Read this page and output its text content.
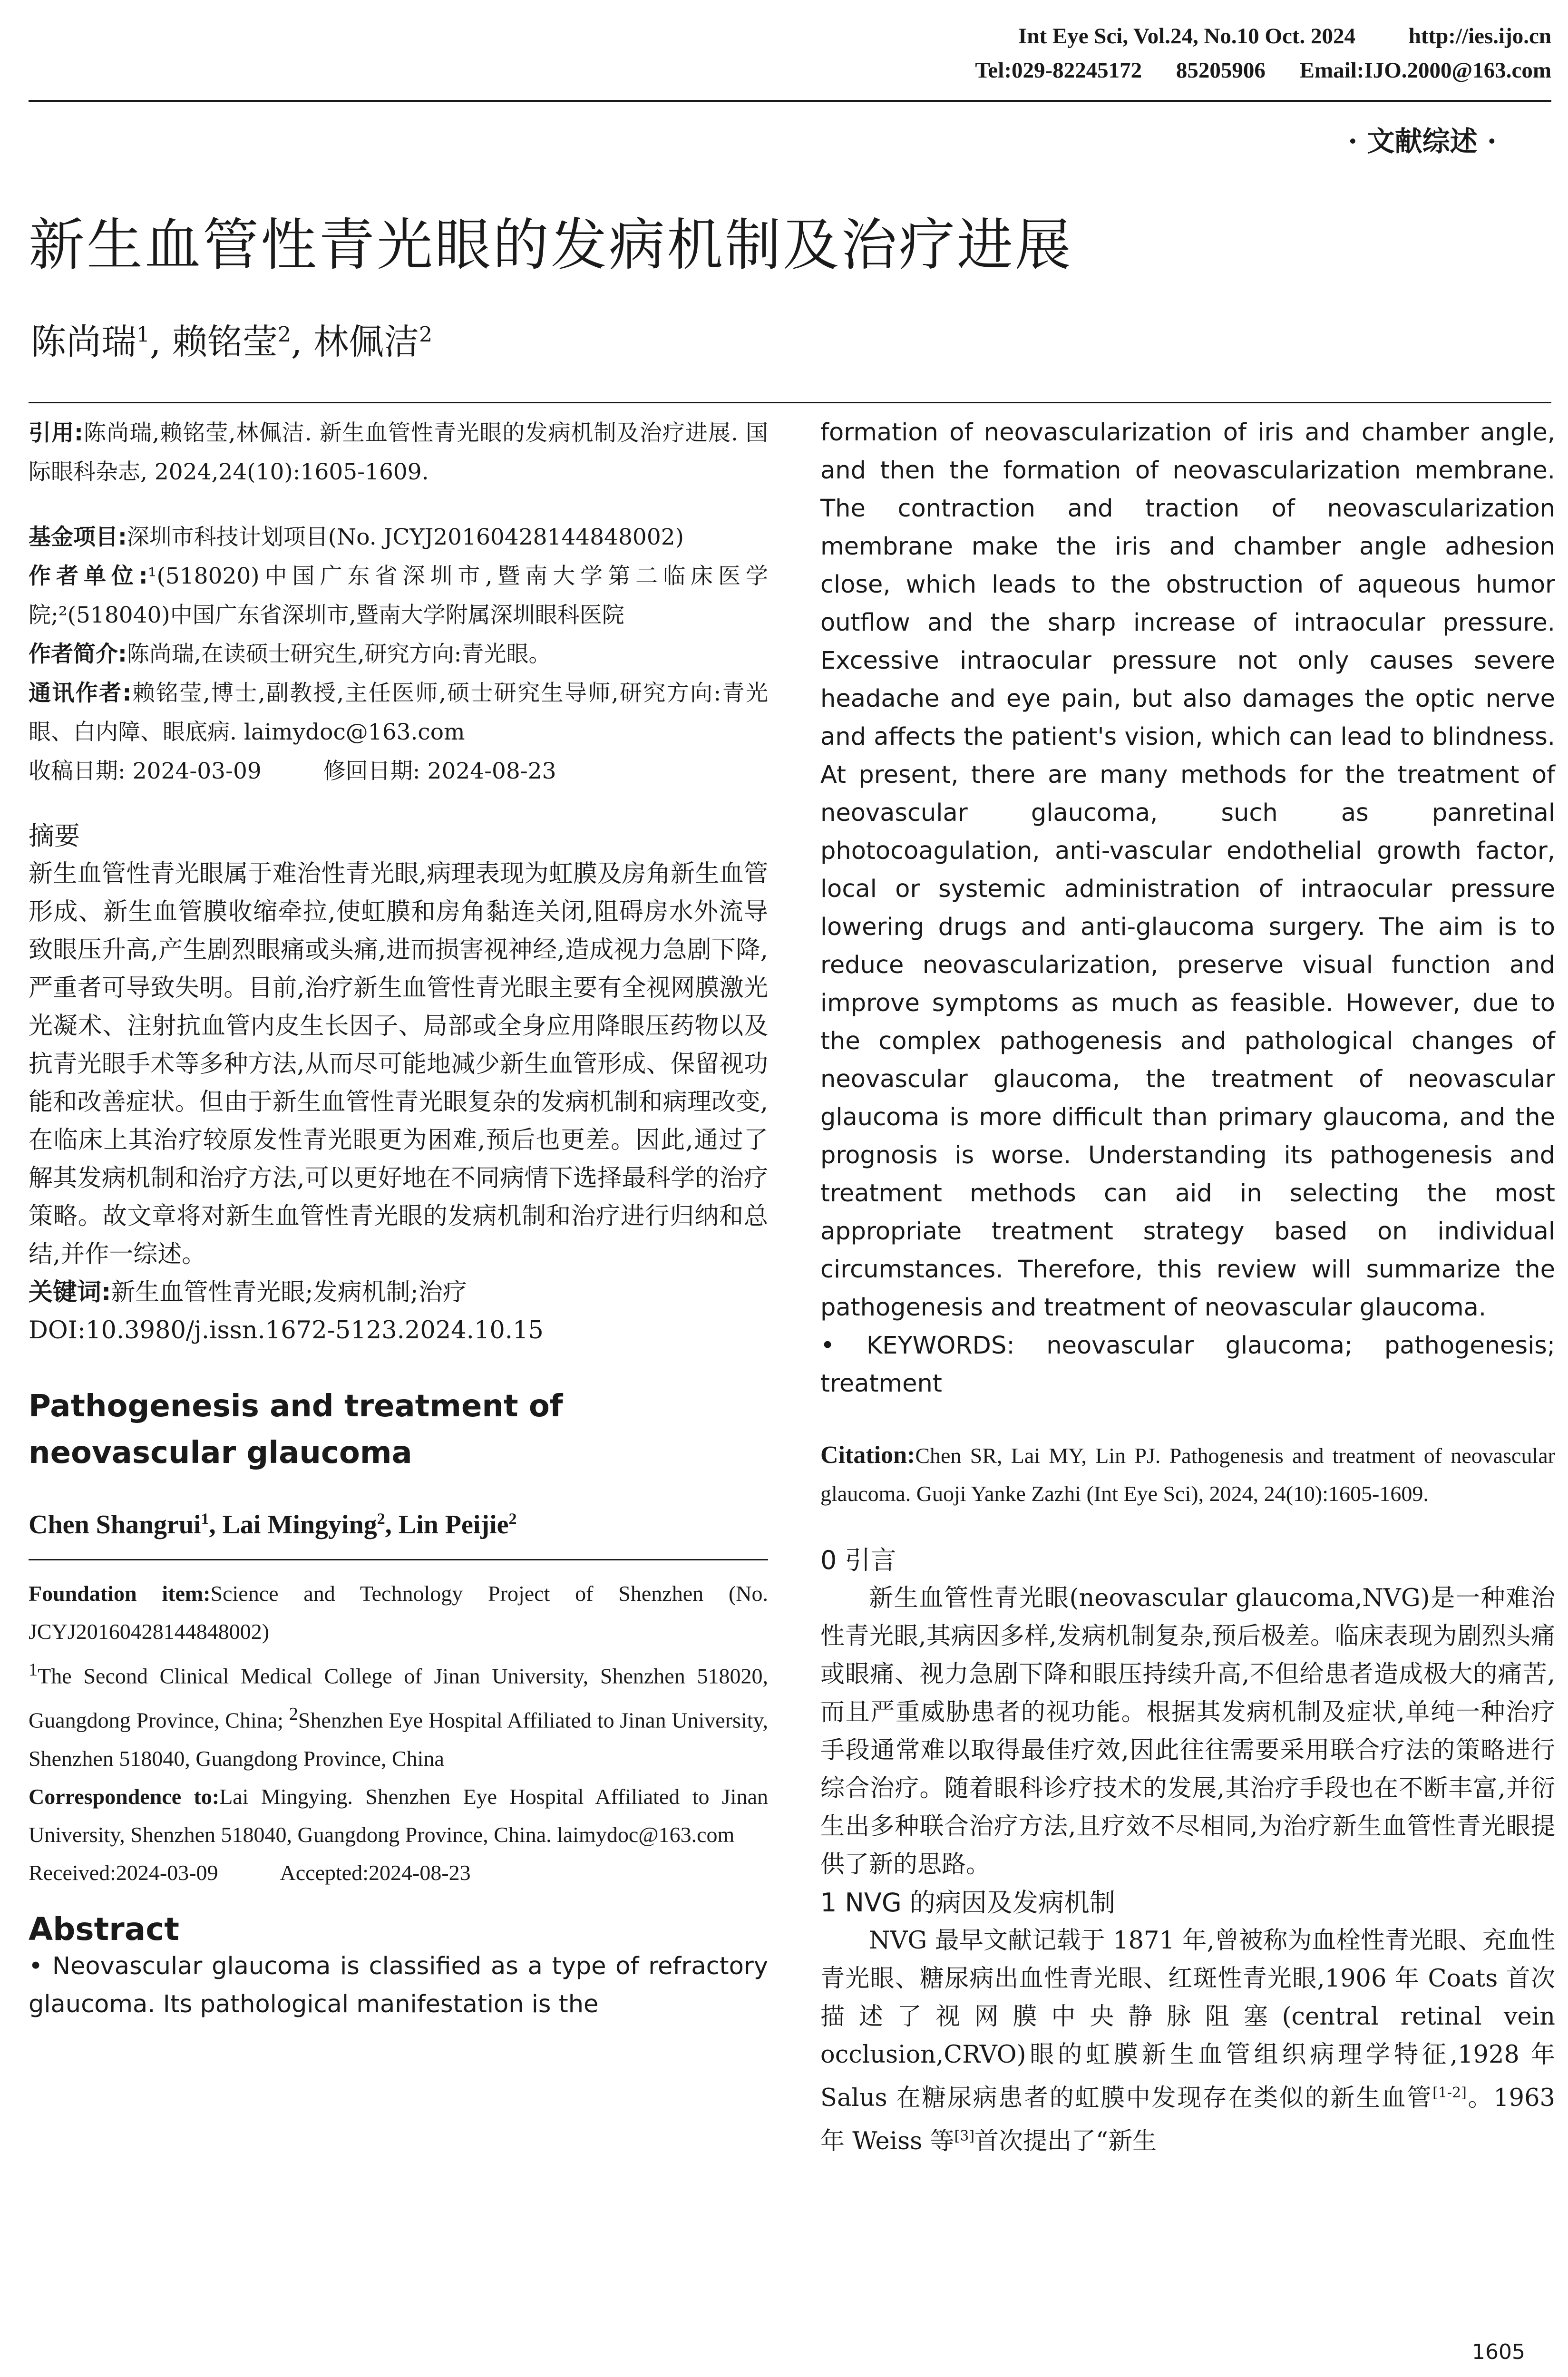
Int Eye Sci, Vol.24, No.10 Oct. 2024 http://ies.ijo.cn
Tel:029-82245172 85205906 Email:IJO.2000@163.com
· 文献综述 ·
新生血管性青光眼的发病机制及治疗进展
陈尚瑞$^1$, 赖铭莹$^2$, 林佩洁$^2$
引用:陈尚瑞,赖铭莹,林佩洁. 新生血管性青光眼的发病机制及治疗进展. 国际眼科杂志, 2024,24(10):1605-1609.
基金项目:深圳市科技计划项目(No. JCYJ20160428144848002)
作者单位:¹(518020)中国广东省深圳市,暨南大学第二临床医学院;²(518040)中国广东省深圳市,暨南大学附属深圳眼科医院
作者简介:陈尚瑞,在读硕士研究生,研究方向:青光眼。
通讯作者:赖铭莹,博士,副教授,主任医师,硕士研究生导师,研究方向:青光眼、白内障、眼底病. laimydoc@163.com
收稿日期: 2024-03-09	修回日期: 2024-08-23
摘要
新生血管性青光眼属于难治性青光眼,病理表现为虹膜及房角新生血管形成、新生血管膜收缩牵拉,使虹膜和房角黏连关闭,阻碍房水外流导致眼压升高,产生剧烈眼痛或头痛,进而损害视神经,造成视力急剧下降,严重者可导致失明。目前,治疗新生血管性青光眼主要有全视网膜激光光凝术、注射抗血管内皮生长因子、局部或全身应用降眼压药物以及抗青光眼手术等多种方法,从而尽可能地减少新生血管形成、保留视功能和改善症状。但由于新生血管性青光眼复杂的发病机制和病理改变,在临床上其治疗较原发性青光眼更为困难,预后也更差。因此,通过了解其发病机制和治疗方法,可以更好地在不同病情下选择最科学的治疗策略。故文章将对新生血管性青光眼的发病机制和治疗进行归纳和总结,并作一综述。
关键词:新生血管性青光眼;发病机制;治疗
DOI:10.3980/j.issn.1672-5123.2024.10.15
Pathogenesis and treatment of neovascular glaucoma
Chen Shangrui$^1$, Lai Mingying$^2$, Lin Peijie$^2$
Foundation item:Science and Technology Project of Shenzhen (No. JCYJ20160428144848002)
$^1$The Second Clinical Medical College of Jinan University, Shenzhen 518020, Guangdong Province, China; $^2$Shenzhen Eye Hospital Affiliated to Jinan University, Shenzhen 518040, Guangdong Province, China
Correspondence to:Lai Mingying. Shenzhen Eye Hospital Affiliated to Jinan University, Shenzhen 518040, Guangdong Province, China. laimydoc@163.com
Received:2024-03-09	Accepted:2024-08-23
Abstract
• Neovascular glaucoma is classified as a type of refractory glaucoma. Its pathological manifestation is the
formation of neovascularization of iris and chamber angle, and then the formation of neovascularization membrane. The contraction and traction of neovascularization membrane make the iris and chamber angle adhesion close, which leads to the obstruction of aqueous humor outflow and the sharp increase of intraocular pressure. Excessive intraocular pressure not only causes severe headache and eye pain, but also damages the optic nerve and affects the patient's vision, which can lead to blindness. At present, there are many methods for the treatment of neovascular glaucoma, such as panretinal photocoagulation, anti-vascular endothelial growth factor, local or systemic administration of intraocular pressure lowering drugs and anti-glaucoma surgery. The aim is to reduce neovascularization, preserve visual function and improve symptoms as much as feasible. However, due to the complex pathogenesis and pathological changes of neovascular glaucoma, the treatment of neovascular glaucoma is more difficult than primary glaucoma, and the prognosis is worse. Understanding its pathogenesis and treatment methods can aid in selecting the most appropriate treatment strategy based on individual circumstances. Therefore, this review will summarize the pathogenesis and treatment of neovascular glaucoma.
• KEYWORDS: neovascular glaucoma; pathogenesis; treatment
Citation:Chen SR, Lai MY, Lin PJ. Pathogenesis and treatment of neovascular glaucoma. Guoji Yanke Zazhi (Int Eye Sci), 2024, 24(10):1605-1609.
0 引言
新生血管性青光眼(neovascular glaucoma,NVG)是一种难治性青光眼,其病因多样,发病机制复杂,预后极差。临床表现为剧烈头痛或眼痛、视力急剧下降和眼压持续升高,不但给患者造成极大的痛苦,而且严重威胁患者的视功能。根据其发病机制及症状,单纯一种治疗手段通常难以取得最佳疗效,因此往往需要采用联合疗法的策略进行综合治疗。随着眼科诊疗技术的发展,其治疗手段也在不断丰富,并衍生出多种联合治疗方法,且疗效不尽相同,为治疗新生血管性青光眼提供了新的思路。
1 NVG 的病因及发病机制
NVG 最早文献记载于 1871 年,曾被称为血栓性青光眼、充血性青光眼、糖尿病出血性青光眼、红斑性青光眼,1906 年 Coats 首次描述了视网膜中央静脉阻塞(central retinal vein occlusion,CRVO)眼的虹膜新生血管组织病理学特征,1928 年 Salus 在糖尿病患者的虹膜中发现存在类似的新生血管[1-2]。1963 年 Weiss 等[3]首次提出了“新生
1605
